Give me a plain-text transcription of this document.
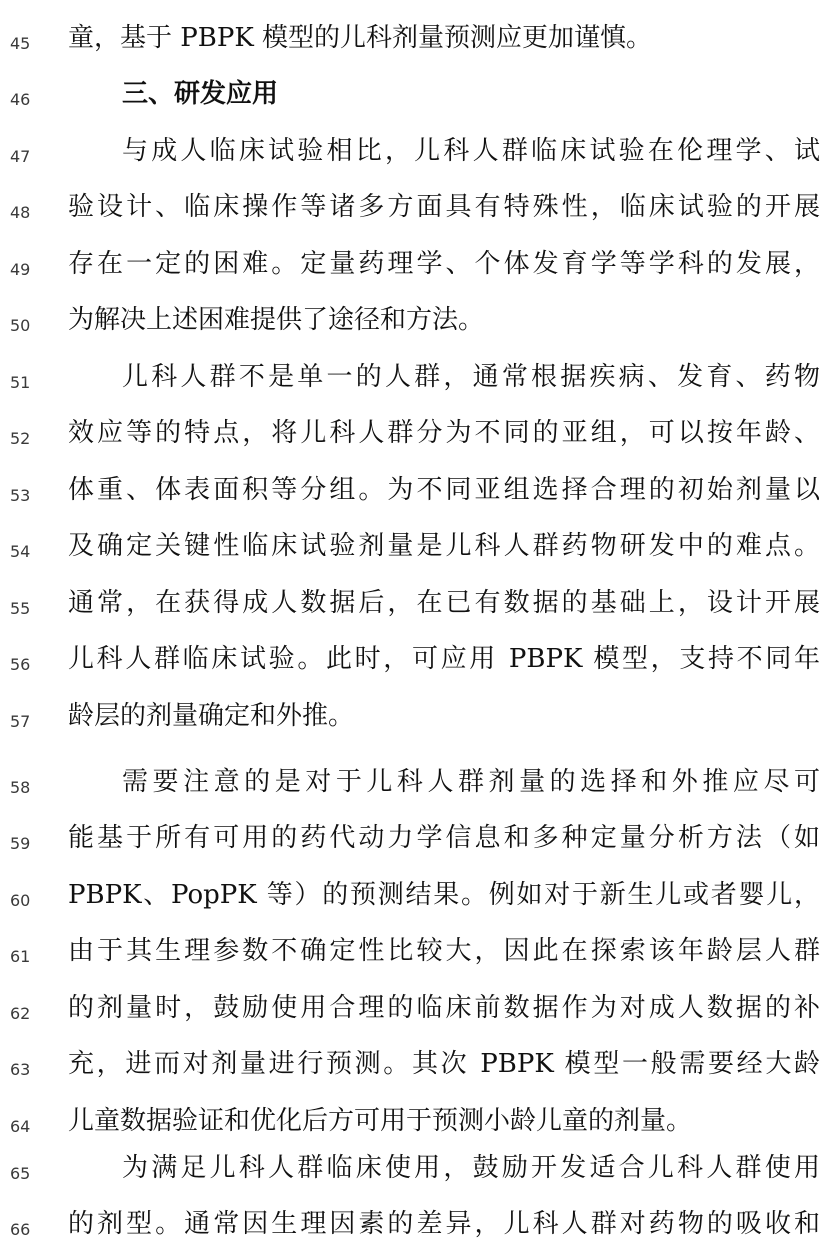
45	童，基于 PBPK 模型的儿科剂量预测应更加谨慎。
46	三、研发应用
47	与成人临床试验相比，儿科人群临床试验在伦理学、试
48	验设计、临床操作等诸多方面具有特殊性，临床试验的开展
49	存在一定的困难。定量药理学、个体发育学等学科的发展，
50	为解决上述困难提供了途径和方法。
51	儿科人群不是单一的人群，通常根据疾病、发育、药物
52	效应等的特点，将儿科人群分为不同的亚组，可以按年龄、
53	体重、体表面积等分组。为不同亚组选择合理的初始剂量以
54	及确定关键性临床试验剂量是儿科人群药物研发中的难点。
55	通常，在获得成人数据后，在已有数据的基础上，设计开展
56	儿科人群临床试验。此时，可应用 PBPK 模型，支持不同年
57	龄层的剂量确定和外推。
58	需要注意的是对于儿科人群剂量的选择和外推应尽可
59	能基于所有可用的药代动力学信息和多种定量分析方法（如
60	PBPK、PopPK 等）的预测结果。例如对于新生儿或者婴儿，
61	由于其生理参数不确定性比较大，因此在探索该年龄层人群
62	的剂量时，鼓励使用合理的临床前数据作为对成人数据的补
63	充，进而对剂量进行预测。其次 PBPK 模型一般需要经大龄
64	儿童数据验证和优化后方可用于预测小龄儿童的剂量。
65	为满足儿科人群临床使用，鼓励开发适合儿科人群使用
66	的剂型。通常因生理因素的差异，儿科人群对药物的吸收和
